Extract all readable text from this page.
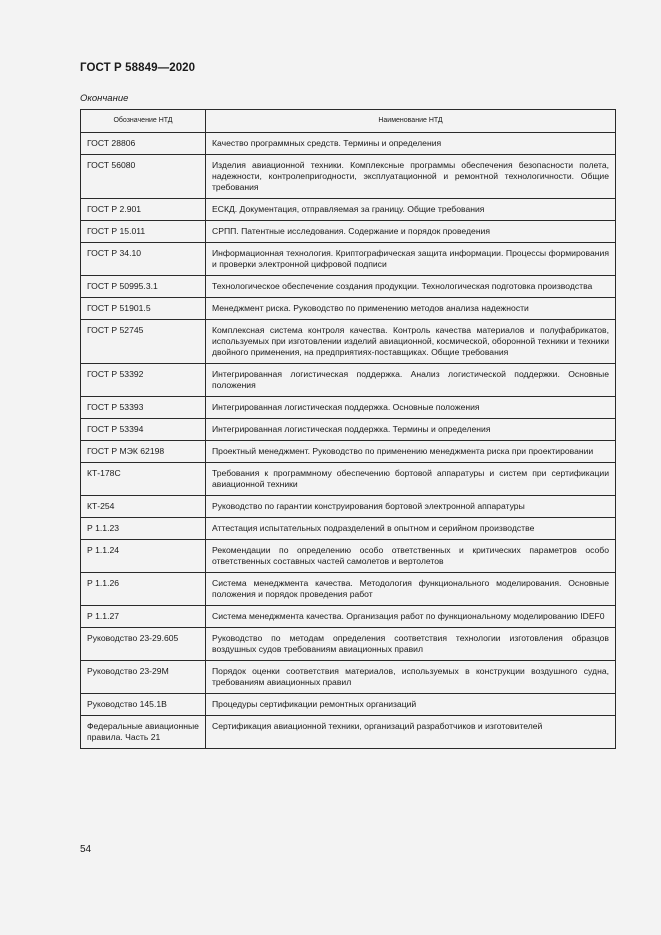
ГОСТ Р 58849—2020
Окончание
Обозначение НТД	Наименование НТД
ГОСТ 28806	Качество программных средств. Термины и определения
ГОСТ 56080	Изделия авиационной техники. Комплексные программы обеспечения безопасности полета, надежности, контролепригодности, эксплуатационной и ремонтной технологичности. Общие требования
ГОСТ Р 2.901	ЕСКД. Документация, отправляемая за границу. Общие требования
ГОСТ Р 15.011	СРПП. Патентные исследования. Содержание и порядок проведения
ГОСТ Р 34.10	Информационная технология. Криптографическая защита информации. Процессы формирования и проверки электронной цифровой подписи
ГОСТ Р 50995.3.1	Технологическое обеспечение создания продукции. Технологическая подготовка производства
ГОСТ Р 51901.5	Менеджмент риска. Руководство по применению методов анализа надежности
ГОСТ Р 52745	Комплексная система контроля качества. Контроль качества материалов и полуфабрикатов, используемых при изготовлении изделий авиационной, космической, оборонной техники и техники двойного применения, на предприятиях-поставщиках. Общие требования
ГОСТ Р 53392	Интегрированная логистическая поддержка. Анализ логистической поддержки. Основные положения
ГОСТ Р 53393	Интегрированная логистическая поддержка. Основные положения
ГОСТ Р 53394	Интегрированная логистическая поддержка. Термины и определения
ГОСТ Р МЭК 62198	Проектный менеджмент. Руководство по применению менеджмента риска при проектировании
КТ-178С	Требования к программному обеспечению бортовой аппаратуры и систем при сертификации авиационной техники
КТ-254	Руководство по гарантии конструирования бортовой электронной аппаратуры
Р 1.1.23	Аттестация испытательных подразделений в опытном и серийном производстве
Р 1.1.24	Рекомендации по определению особо ответственных и критических параметров особо ответственных составных частей самолетов и вертолетов
Р 1.1.26	Система менеджмента качества. Методология функционального моделирования. Основные положения и порядок проведения работ
Р 1.1.27	Система менеджмента качества. Организация работ по функциональному моделированию IDEF0
Руководство 23-29.605	Руководство по методам определения соответствия технологии изготовления образцов воздушных судов требованиям авиационных правил
Руководство 23-29М	Порядок оценки соответствия материалов, используемых в конструкции воздушного судна, требованиям авиационных правил
Руководство 145.1В	Процедуры сертификации ремонтных организаций
Федеральные авиационные правила. Часть 21	Сертификация авиационной техники, организаций разработчиков и изготовителей
54
